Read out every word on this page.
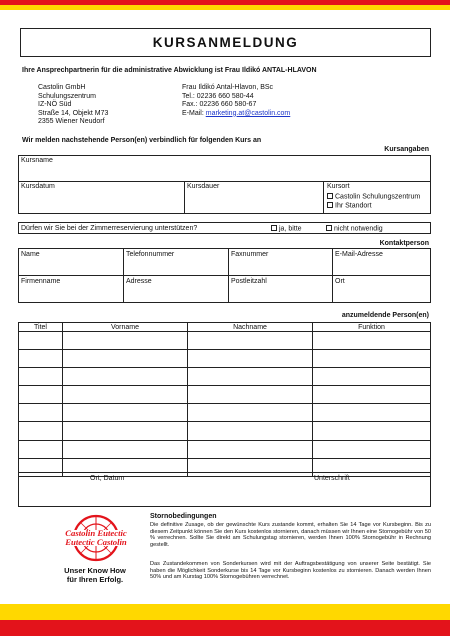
KURSANMELDUNG
Ihre Ansprechpartnerin für die administrative Abwicklung ist Frau Ildikó ANTAL-HLAVON
Castolin GmbH
Schulungszentrum
IZ-NÖ Süd
Straße 14, Objekt M73
2355 Wiener Neudorf
Frau Ildikó Antal-Hlavon, BSc
Tel.: 02236 660 580-44
Fax.: 02236 660 580-67
E-Mail: marketing.at@castolin.com
Wir melden nachstehende Person(en) verbindlich für folgenden Kurs an
Kursangaben
Kursname
Kursdatum	Kursdauer	Kursort
Castolin Schulungszentrum
Ihr Standort
Dürfen wir Sie bei der Zimmerreservierung unterstützen?	ja, bitte	nicht notwendig
Kontaktperson
Name	Telefonnummer	Faxnummer	E-Mail-Adresse
Firmenname	Adresse	Postleitzahl	Ort
anzumeldende Person(en)
Titel	Vorname	Nachname	Funktion

Ort, Datum	Unterschrift
Castolin Eutectic
Eutectic Castolin
Unser Know How
für Ihren Erfolg.
Stornobedingungen
Die definitive Zusage, ob der gewünschte Kurs zustande kommt, erhalten Sie 14 Tage vor Kursbeginn. Bis zu diesem Zeitpunkt können Sie den Kurs kostenlos stornieren, danach müssen wir Ihnen eine Stornogebühr von 50 % verrechnen. Sollte Sie direkt am Schulungstag stornieren, werden Ihnen 100% Stornogebühr in Rechnung gestellt.
Das Zustandekommen von Sonderkursen wird mit der Auftragsbestätigung von unserer Seite bestätigt. Sie haben die Möglichkeit Sonderkurse bis 14 Tage vor Kursbeginn kostenlos zu stornieren. Danach werden Ihnen 50% und am Kurstag 100% Stornogebühren verrechnet.
